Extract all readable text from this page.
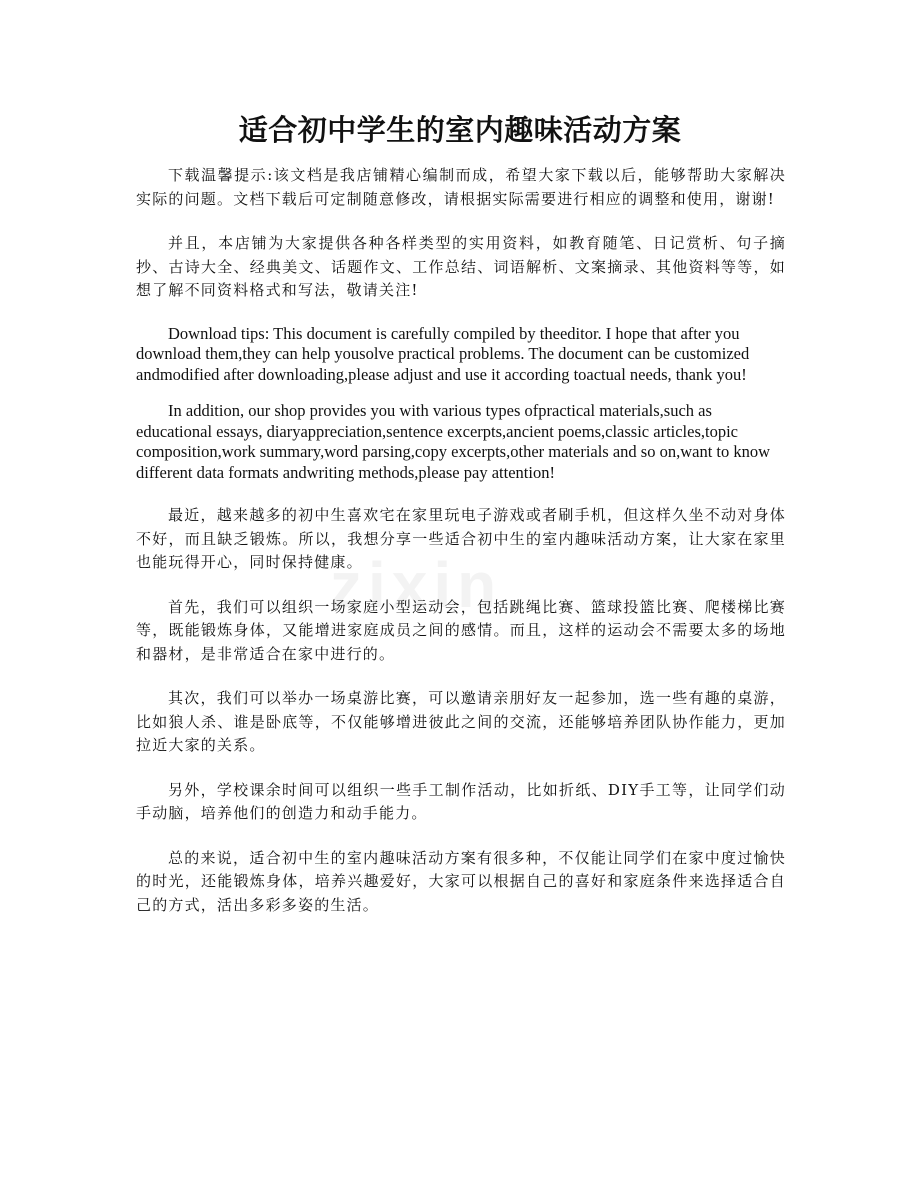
适合初中学生的室内趣味活动方案
zixin

下载温馨提示:该文档是我店铺精心编制而成，希望大家下载以后，能够帮助大家解决实际的问题。文档下载后可定制随意修改，请根据实际需要进行相应的调整和使用，谢谢!

并且，本店铺为大家提供各种各样类型的实用资料，如教育随笔、日记赏析、句子摘抄、古诗大全、经典美文、话题作文、工作总结、词语解析、文案摘录、其他资料等等，如想了解不同资料格式和写法，敬请关注!

Download tips: This document is carefully compiled by theeditor. I hope that after you download them,they can help yousolve practical problems. The document can be customized andmodified after downloading,please adjust and use it according toactual needs, thank you!

In addition, our shop provides you with various types ofpractical materials,such as educational essays, diaryappreciation,sentence excerpts,ancient poems,classic articles,topic composition,work summary,word parsing,copy excerpts,other materials and so on,want to know different data formats andwriting methods,please pay attention!

最近，越来越多的初中生喜欢宅在家里玩电子游戏或者刷手机，但这样久坐不动对身体不好，而且缺乏锻炼。所以，我想分享一些适合初中生的室内趣味活动方案，让大家在家里也能玩得开心，同时保持健康。

首先，我们可以组织一场家庭小型运动会，包括跳绳比赛、篮球投篮比赛、爬楼梯比赛等，既能锻炼身体，又能增进家庭成员之间的感情。而且，这样的运动会不需要太多的场地和器材，是非常适合在家中进行的。

其次，我们可以举办一场桌游比赛，可以邀请亲朋好友一起参加，选一些有趣的桌游，比如狼人杀、谁是卧底等，不仅能够增进彼此之间的交流，还能够培养团队协作能力，更加拉近大家的关系。

另外，学校课余时间可以组织一些手工制作活动，比如折纸、DIY手工等，让同学们动手动脑，培养他们的创造力和动手能力。

总的来说，适合初中生的室内趣味活动方案有很多种，不仅能让同学们在家中度过愉快的时光，还能锻炼身体，培养兴趣爱好，大家可以根据自己的喜好和家庭条件来选择适合自己的方式，活出多彩多姿的生活。
